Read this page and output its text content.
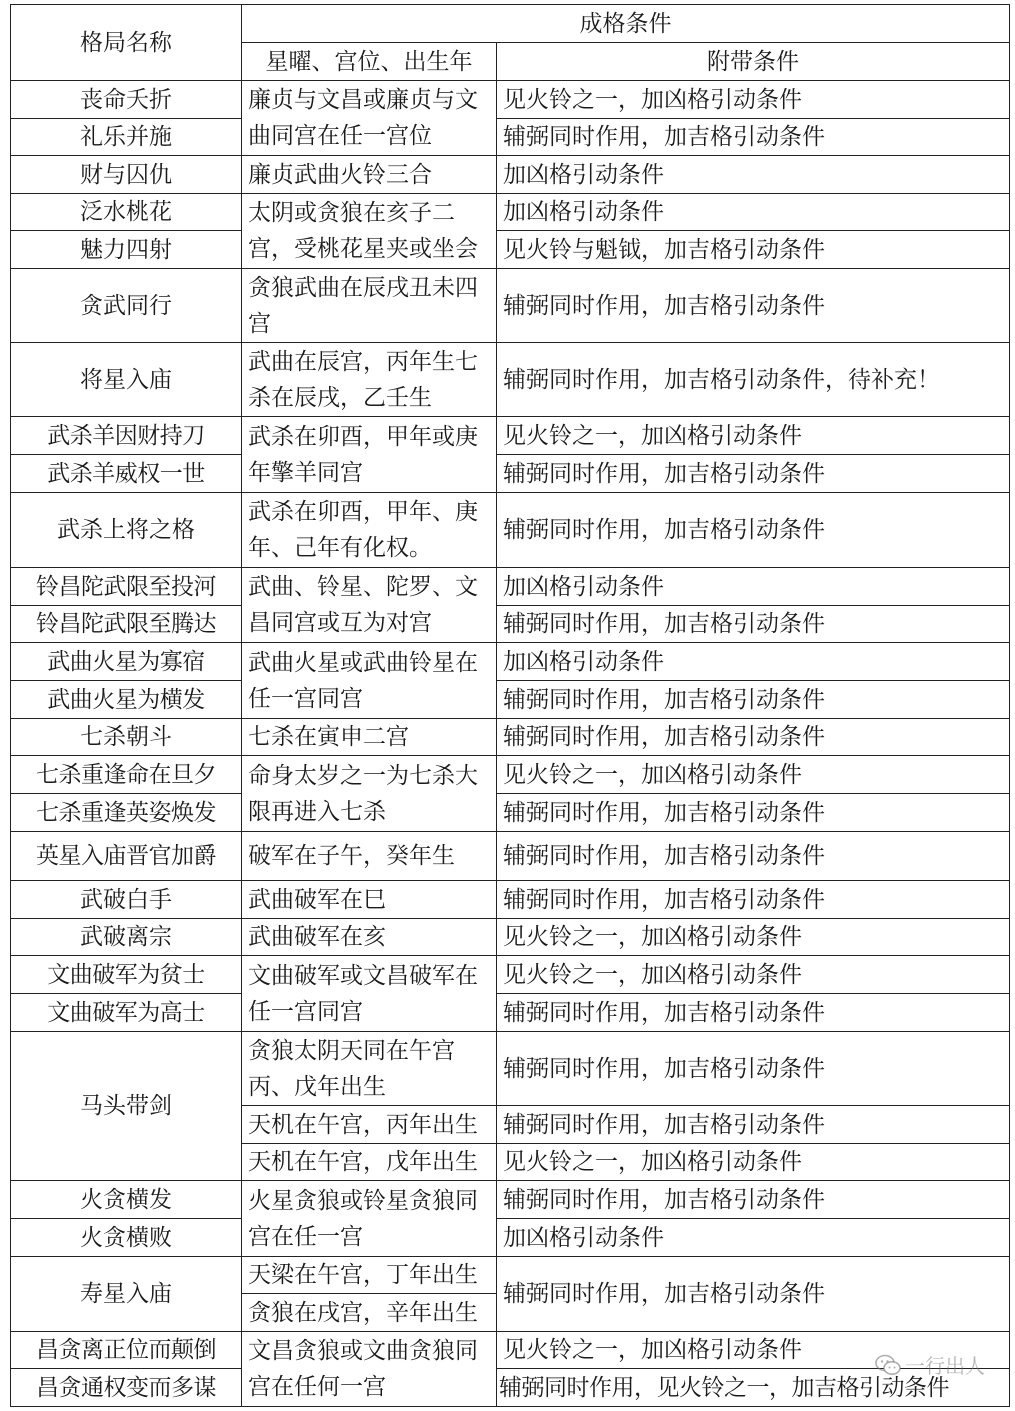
格局名称	成格条件	
	星曜、宫位、出生年	附带条件
丧命夭折	廉贞与文昌或廉贞与文曲同宫在任一宫位	见火铃之一，加凶格引动条件
礼乐并施		辅弼同时作用，加吉格引动条件
财与囚仇	廉贞武曲火铃三合	加凶格引动条件
泛水桃花	太阴或贪狼在亥子二宫，受桃花星夹或坐会	加凶格引动条件
魅力四射		见火铃与魁钺，加吉格引动条件
贪武同行	贪狼武曲在辰戌丑未四宫	辅弼同时作用，加吉格引动条件
将星入庙	武曲在辰宫，丙年生七杀在辰戌，乙壬生	辅弼同时作用，加吉格引动条件，待补充！
武杀羊因财持刀	武杀在卯酉，甲年或庚年擎羊同宫	见火铃之一，加凶格引动条件
武杀羊威权一世		辅弼同时作用，加吉格引动条件
武杀上将之格	武杀在卯酉，甲年、庚年、己年有化权。	辅弼同时作用，加吉格引动条件
铃昌陀武限至投河	武曲、铃星、陀罗、文昌同宫或互为对宫	加凶格引动条件
铃昌陀武限至腾达		辅弼同时作用，加吉格引动条件
武曲火星为寡宿	武曲火星或武曲铃星在任一宫同宫	加凶格引动条件
武曲火星为横发		辅弼同时作用，加吉格引动条件
七杀朝斗	七杀在寅申二宫	辅弼同时作用，加吉格引动条件
七杀重逢命在旦夕	命身太岁之一为七杀大限再进入七杀	见火铃之一，加凶格引动条件
七杀重逢英姿焕发		辅弼同时作用，加吉格引动条件
英星入庙晋官加爵	破军在子午，癸年生	辅弼同时作用，加吉格引动条件
武破白手	武曲破军在巳	辅弼同时作用，加吉格引动条件
武破离宗	武曲破军在亥	见火铃之一，加凶格引动条件
文曲破军为贫士	文曲破军或文昌破军在任一宫同宫	见火铃之一，加凶格引动条件
文曲破军为高士		辅弼同时作用，加吉格引动条件
马头带剑	贪狼太阴天同在午宫丙、戊年出生	辅弼同时作用，加吉格引动条件
	天机在午宫，丙年出生	辅弼同时作用，加吉格引动条件
	天机在午宫，戊年出生	见火铃之一，加凶格引动条件
火贪横发	火星贪狼或铃星贪狼同宫在任一宫	辅弼同时作用，加吉格引动条件
火贪横败		加凶格引动条件
寿星入庙	天梁在午宫，丁年出生	辅弼同时作用，加吉格引动条件
	贪狼在戌宫，辛年出生	
昌贪离正位而颠倒	文昌贪狼或文曲贪狼同宫在任何一宫	见火铃之一，加凶格引动条件
昌贪通权变而多谋		辅弼同时作用，见火铃之一，加吉格引动条件
一行出人
